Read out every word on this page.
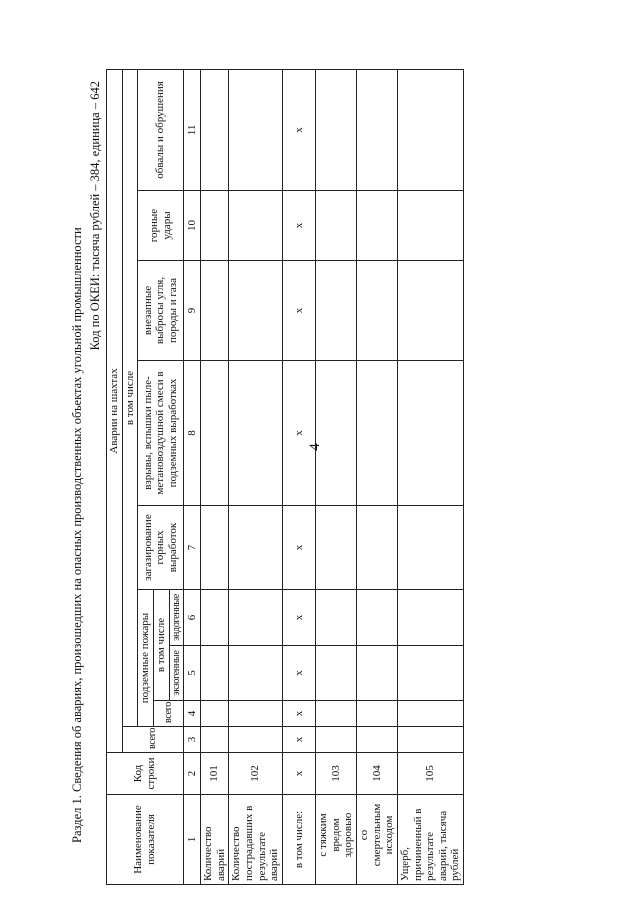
4
Раздел 1. Сведения об авариях, произошедших на опасных производственных объектах угольной промышленности
Код по ОКЕИ: тысяча рублей – 384, единица – 642
Наименование показателя	Код строки	Аварии на шахтах								
		всего	в том числе							
			подземные пожары			загазирование горных выработок	взрывы, вспышки пыле-метановоздушной смеси в подземных выработках	внезапные выбросы угля, породы и газа	горные удары	обвалы и обрушения
			всего	в том числе						
				экзогенные	эндогенные					

1	2	3	4	5	6	7	8	9	10	11
Количество аварий	101									
Количество пострадавших в результате аварий	102									
в том числе:	x	x	x	x	x	x	x	x	x	x
с тяжким вредом здоровью	103									
со смертельным исходом	104									
Ущерб, причиненный в результате аварий, тысяча рублей	105									
